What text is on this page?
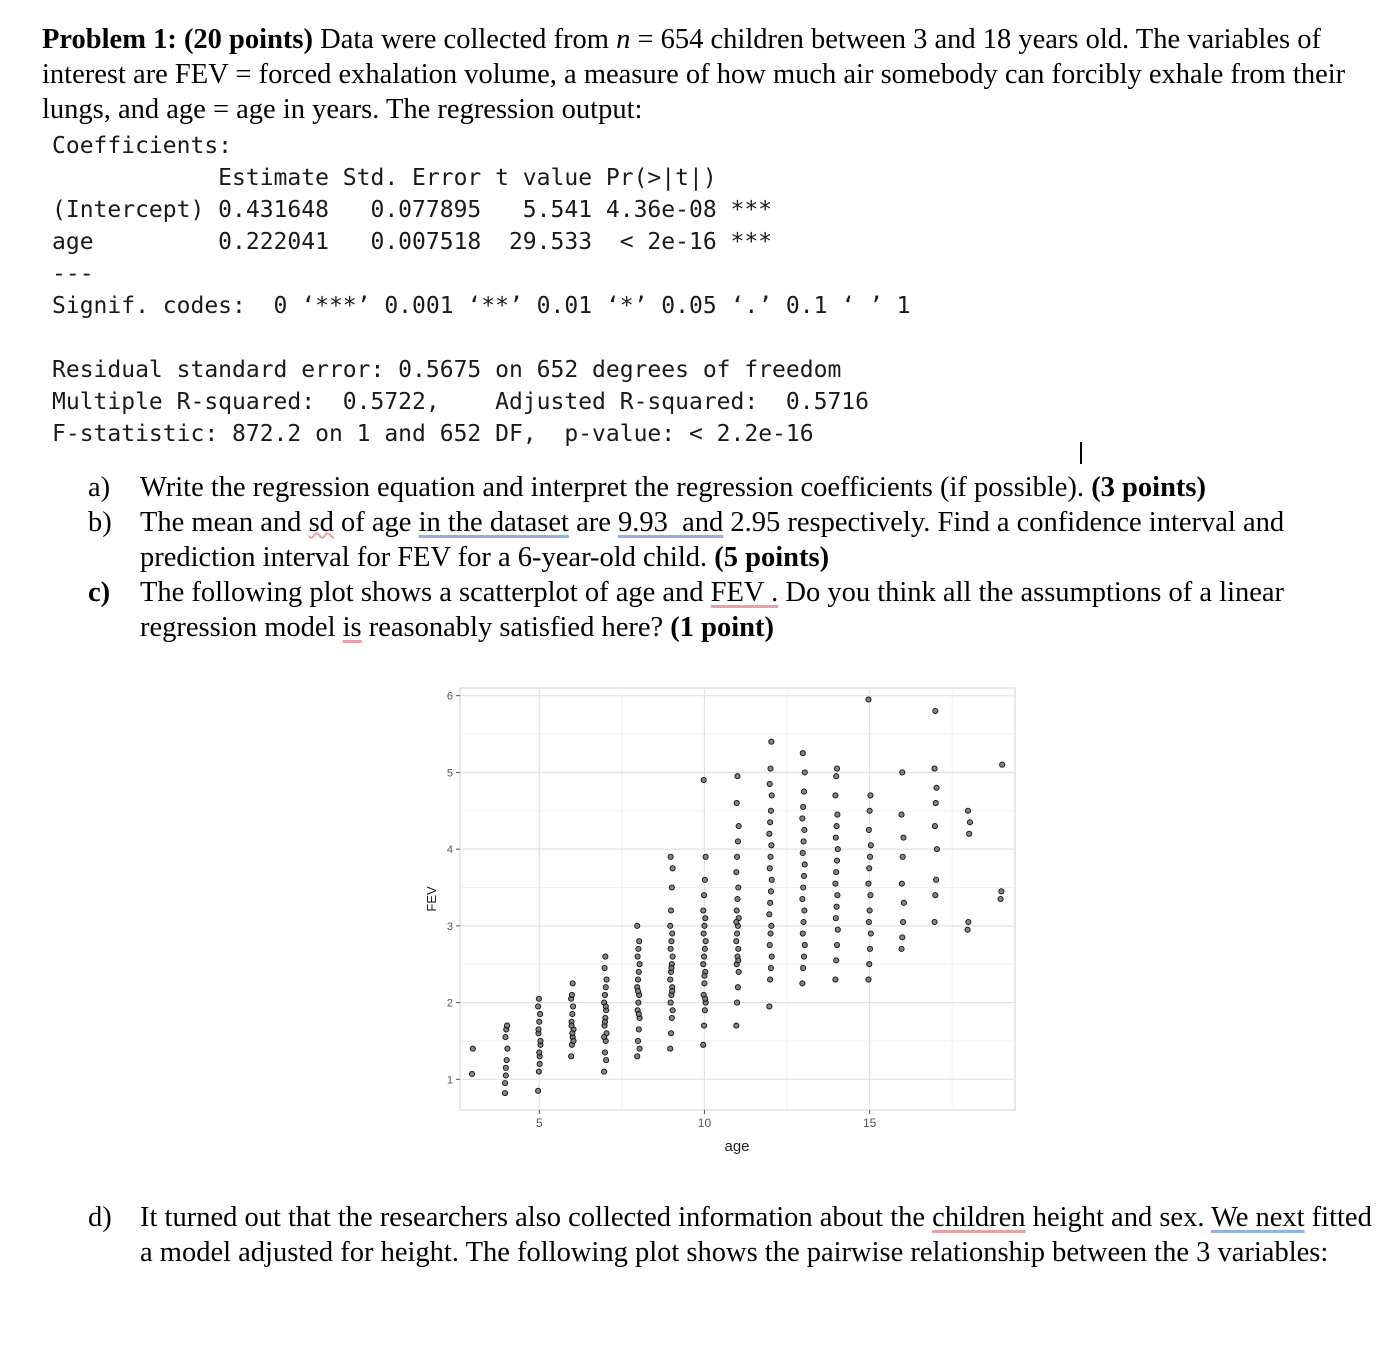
Problem 1: (20 points) Data were collected from n = 654 children between 3 and 18 years old. The variables of interest are FEV = forced exhalation volume, a measure of how much air somebody can forcibly exhale from their lungs, and age = age in years. The regression output:
Coefficients:
Estimate Std. Error t value Pr(>|t|)
(Intercept) 0.431648   0.077895   5.541 4.36e-08 ***
age         0.222041   0.007518  29.533  < 2e-16 ***
---
Signif. codes:  0 ‘***’ 0.001 ‘**’ 0.01 ‘*’ 0.05 ‘.’ 0.1 ‘ ’ 1
Residual standard error: 0.5675 on 652 degrees of freedom
Multiple R-squared:  0.5722,    Adjusted R-squared:  0.5716
F-statistic: 872.2 on 1 and 652 DF,  p-value: < 2.2e-16
a) Write the regression equation and interpret the regression coefficients (if possible). (3 points)
b) The mean and sd of age in the dataset are 9.93  and 2.95 respectively. Find a confidence interval and prediction interval for FEV for a 6-year-old child. (5 points)
c) The following plot shows a scatterplot of age and FEV . Do you think all the assumptions of a linear regression model is reasonably satisfied here? (1 point)
1
2
3
4
5
6
5	10	15
age
FEV
d) It turned out that the researchers also collected information about the children height and sex. We next fitted a model adjusted for height. The following plot shows the pairwise relationship between the 3 variables:
